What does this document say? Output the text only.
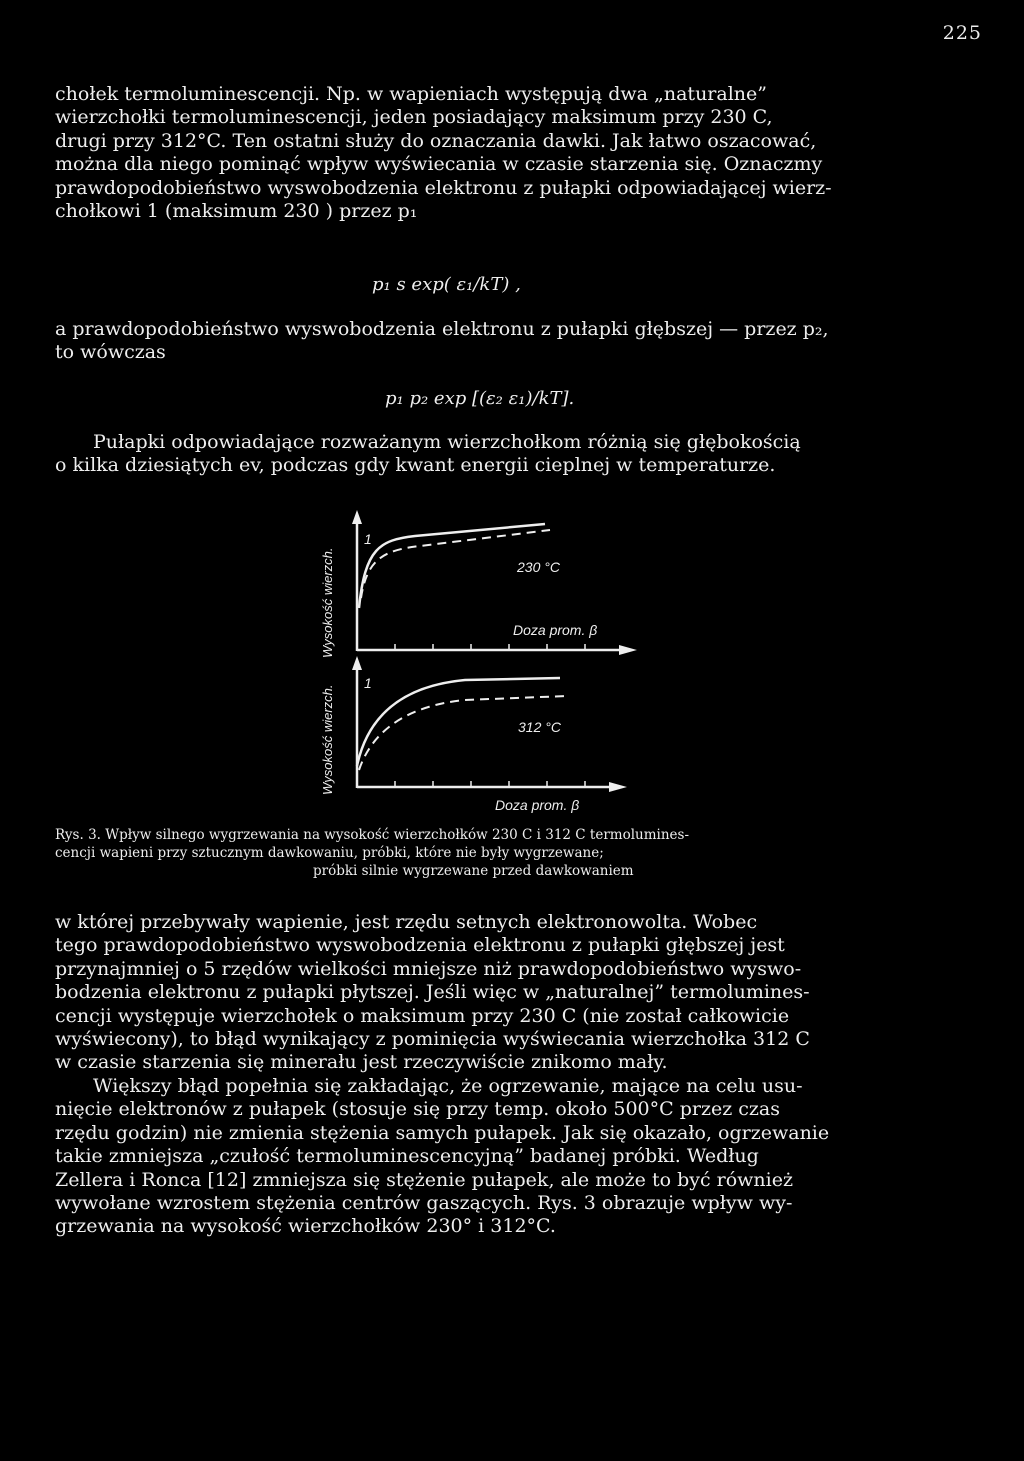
225
chołek termoluminescencji. Np. w wapieniach występują dwa „naturalne”
wierzchołki termoluminescencji, jeden posiadający maksimum przy 230 C,
drugi przy 312°C. Ten ostatni służy do oznaczania dawki. Jak łatwo oszacować,
można dla niego pominąć wpływ wyświecania w czasie starzenia się. Oznaczmy
prawdopodobieństwo wyswobodzenia elektronu z pułapki odpowiadającej wierz-
chołkowi 1 (maksimum 230 ) przez p₁
p₁ s exp( ε₁/kT) ,
a prawdopodobieństwo wyswobodzenia elektronu z pułapki głębszej — przez p₂,
to wówczas
p₁ p₂ exp [(ε₂ ε₁)/kT].
Pułapki odpowiadające rozważanym wierzchołkom różnią się głębokością
o kilka dziesiątych ev, podczas gdy kwant energii cieplnej w temperaturze.
Wysokość wierzch.
1
230 °C
Doza prom. β
Wysokość wierzch.
1
312 °C
Doza prom. β
Rys. 3. Wpływ silnego wygrzewania na wysokość wierzchołków 230 C i 312 C termolumines-
cencji wapieni przy sztucznym dawkowaniu, próbki, które nie były wygrzewane;
próbki silnie wygrzewane przed dawkowaniem
w której przebywały wapienie, jest rzędu setnych elektronowolta. Wobec
tego prawdopodobieństwo wyswobodzenia elektronu z pułapki głębszej jest
przynajmniej o 5 rzędów wielkości mniejsze niż prawdopodobieństwo wyswo-
bodzenia elektronu z pułapki płytszej. Jeśli więc w „naturalnej” termolumines-
cencji występuje wierzchołek o maksimum przy 230 C (nie został całkowicie
wyświecony), to błąd wynikający z pominięcia wyświecania wierzchołka 312 C
w czasie starzenia się minerału jest rzeczywiście znikomo mały.
Większy błąd popełnia się zakładając, że ogrzewanie, mające na celu usu-
nięcie elektronów z pułapek (stosuje się przy temp. około 500°C przez czas
rzędu godzin) nie zmienia stężenia samych pułapek. Jak się okazało, ogrzewanie
takie zmniejsza „czułość termoluminescencyjną” badanej próbki. Według
Zellera i Ronca [12] zmniejsza się stężenie pułapek, ale może to być również
wywołane wzrostem stężenia centrów gaszących. Rys. 3 obrazuje wpływ wy-
grzewania na wysokość wierzchołków 230° i 312°C.
